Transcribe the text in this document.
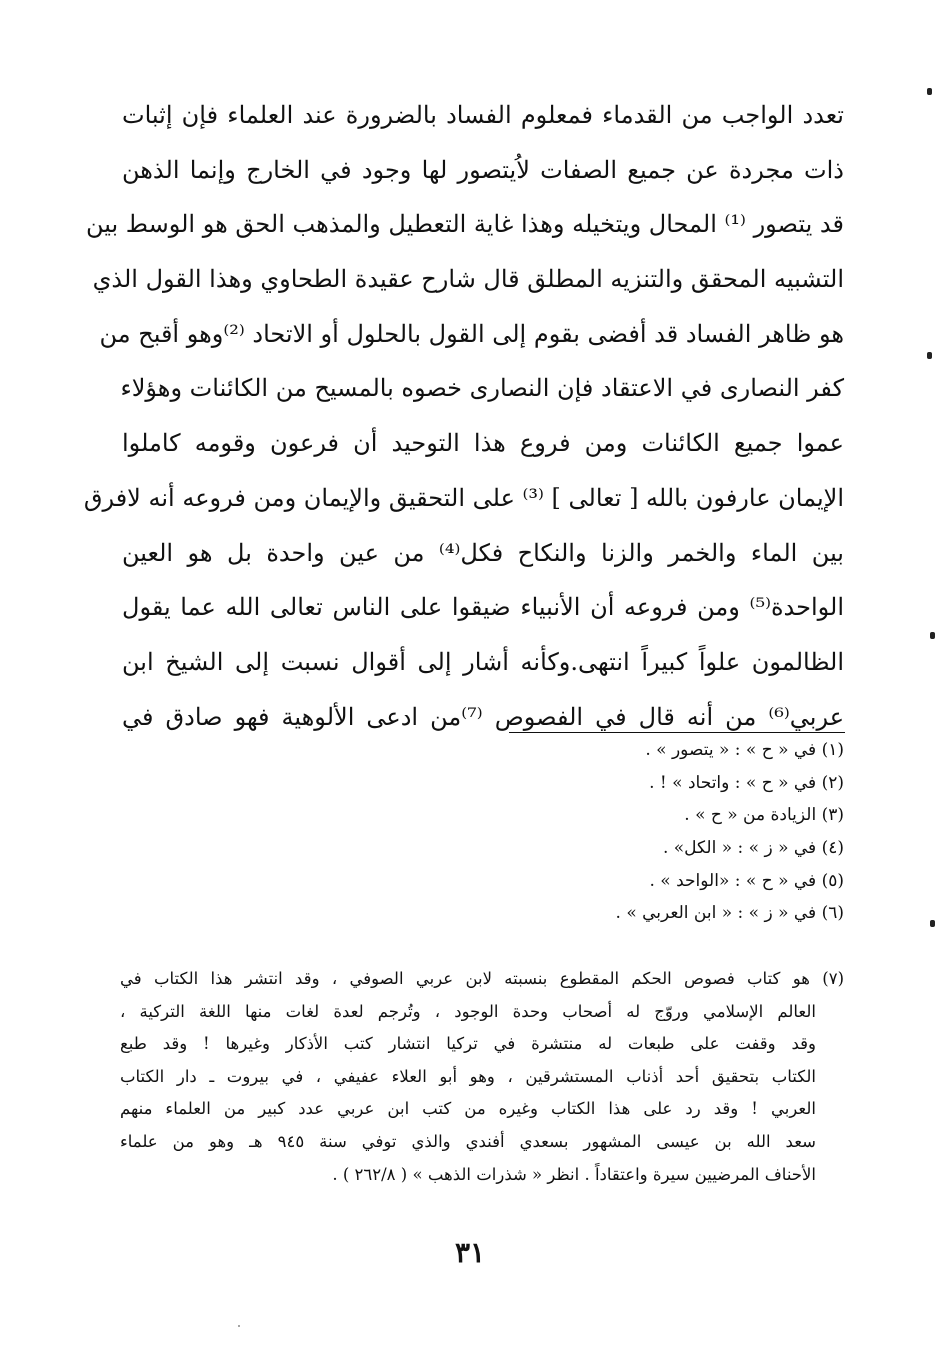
تعدد الواجب من القدماء فمعلوم الفساد بالضرورة عند العلماء فإن إثبات
ذات مجردة عن جميع الصفات لاُيتصور لها وجود في الخارج وإنما الذهن
قد يتصور ⁽¹⁾ المحال ويتخيله وهذا غاية التعطيل والمذهب الحق هو الوسط بين
التشبيه المحقق والتنزيه المطلق قال شارح عقيدة الطحاوي وهذا القول الذي
هو ظاهر الفساد قد أفضى بقوم إلى القول بالحلول أو الاتحاد ⁽²⁾وهو أقبح من
كفر النصارى في الاعتقاد فإن النصارى خصوه بالمسيح من الكائنات وهؤلاء
عموا جميع الكائنات ومن فروع هذا التوحيد أن فرعون وقومه كاملوا
الإيمان عارفون بالله [ تعالى ] ⁽³⁾ على التحقيق والإيمان ومن فروعه أنه لافرق
بين الماء والخمر والزنا والنكاح فكل⁽⁴⁾ من عين واحدة بل هو العين
الواحدة⁽⁵⁾ ومن فروعه أن الأنبياء ضيقوا على الناس تعالى الله عما يقول
الظالمون علواً كبيراً انتهى.وكأنه أشار إلى أقوال نسبت إلى الشيخ ابن
عربي⁽⁶⁾ من أنه قال في الفصوص ⁽⁷⁾من ادعى الألوهية فهو صادق في
(١) في « ح » : « يتصور » .
(٢) في « ح » : واتحاد » ! .
(٣) الزيادة من « ح » .
(٤) في « ز » : « الكل» .
(٥) في « ح » : «الواحد » .
(٦) في « ز » : « ابن العربي » .
(٧) هو كتاب فصوص الحكم المقطوع بنسبته لابن عربي الصوفي ، وقد انتشر هذا الكتاب في
العالم الإسلامي وروّج له أصحاب وحدة الوجود ، وتُرجم لعدة لغات منها اللغة التركية ،
وقد وقفت على طبعات له منتشرة في تركيا انتشار كتب الأذكار وغيرها ! وقد طبع
الكتاب بتحقيق أحد أذناب المستشرقين ، وهو أبو العلاء عفيفي ، في بيروت ـ دار الكتاب
العربي ! وقد رد على هذا الكتاب وغيره من كتب ابن عربي عدد كبير من العلماء منهم
سعد الله بن عيسى المشهور بسعدي أفندي والذي توفي سنة ٩٤٥ هـ وهو من علماء
الأحناف المرضيين سيرة واعتقاداً . انظر « شذرات الذهب » ( ٢٦٢/٨ ) .
٣١
